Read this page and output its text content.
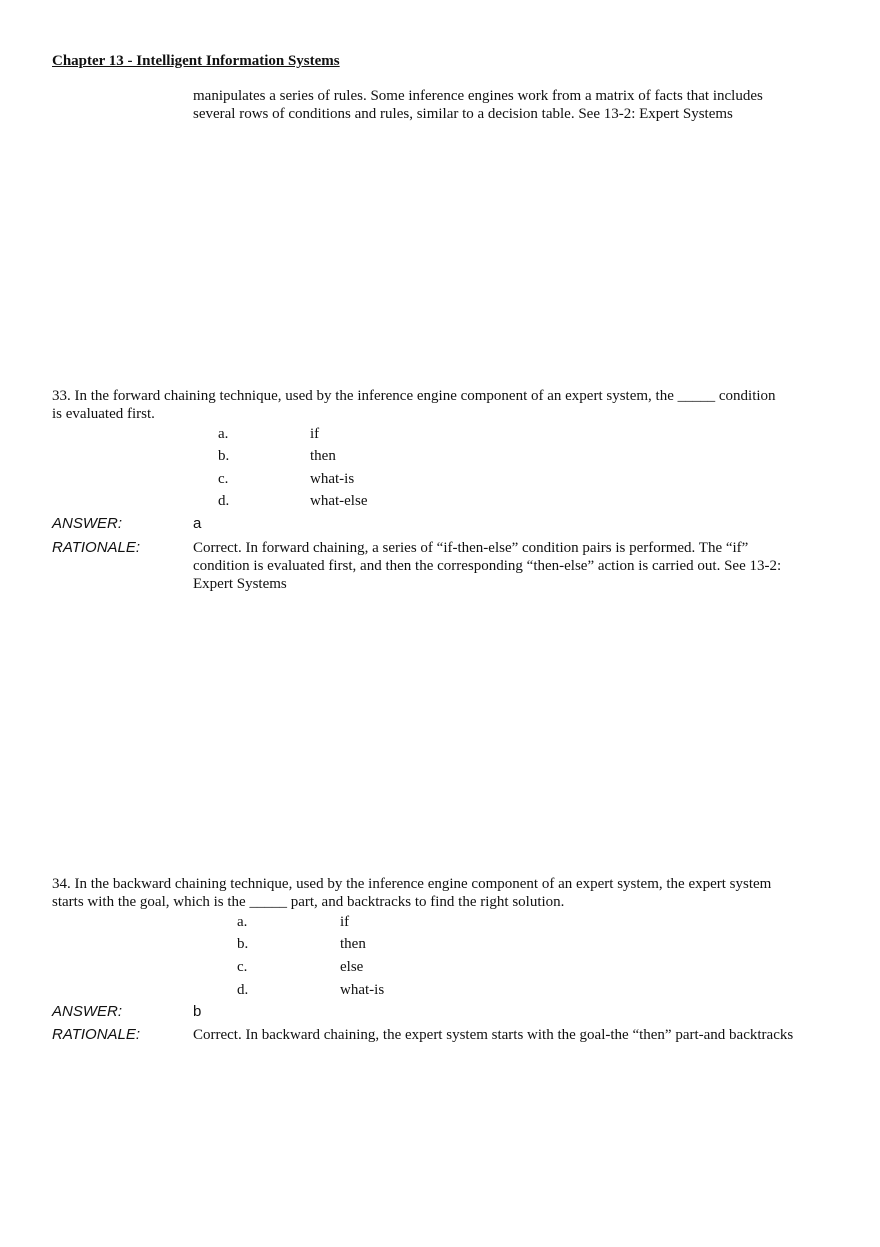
Chapter 13 - Intelligent Information Systems
manipulates a series of rules. Some inference engines work from a matrix of facts that includes
several rows of conditions and rules, similar to a decision table. See 13-2: Expert Systems
33. In the forward chaining technique, used by the inference engine component of an expert system, the _____ condition
is evaluated first.
a.	if
b.	then
c.	what-is
d.	what-else
ANSWER:	a
RATIONALE:	Correct. In forward chaining, a series of “if-then-else” condition pairs is performed. The “if”
condition is evaluated first, and then the corresponding “then-else” action is carried out. See 13-2:
Expert Systems
34. In the backward chaining technique, used by the inference engine component of an expert system, the expert system
starts with the goal, which is the _____ part, and backtracks to find the right solution.
a.	if
b.	then
c.	else
d.	what-is
ANSWER:	b
RATIONALE:	Correct. In backward chaining, the expert system starts with the goal-the “then” part-and backtracks
